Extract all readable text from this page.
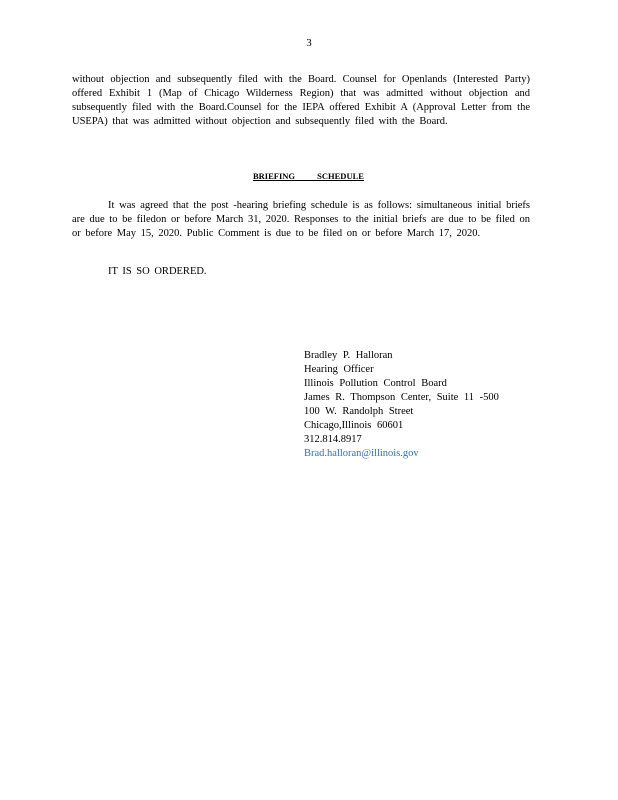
3
without objection and subsequently filed with the Board. Counsel for Openlands (Interested Party) offered Exhibit 1 (Map of Chicago Wilderness Region) that was admitted without objection and subsequently filed with the Board.Counsel for the IEPA offered Exhibit A (Approval Letter from the USEPA) that was admitted without objection and subsequently filed with the Board.
BRIEFING SCHEDULE
It was agreed that the post -hearing briefing schedule is as follows: simultaneous initial briefs are due to be filedon or before March 31, 2020. Responses to the initial briefs are due to be filed on or before May 15, 2020. Public Comment is due to be filed on or before March 17, 2020.
IT IS SO ORDERED.
Bradley P. Halloran
Hearing Officer
Illinois Pollution Control Board
James R. Thompson Center, Suite 11 -500
100 W. Randolph Street
Chicago,Illinois 60601
312.814.8917
Brad.halloran@illinois.gov
